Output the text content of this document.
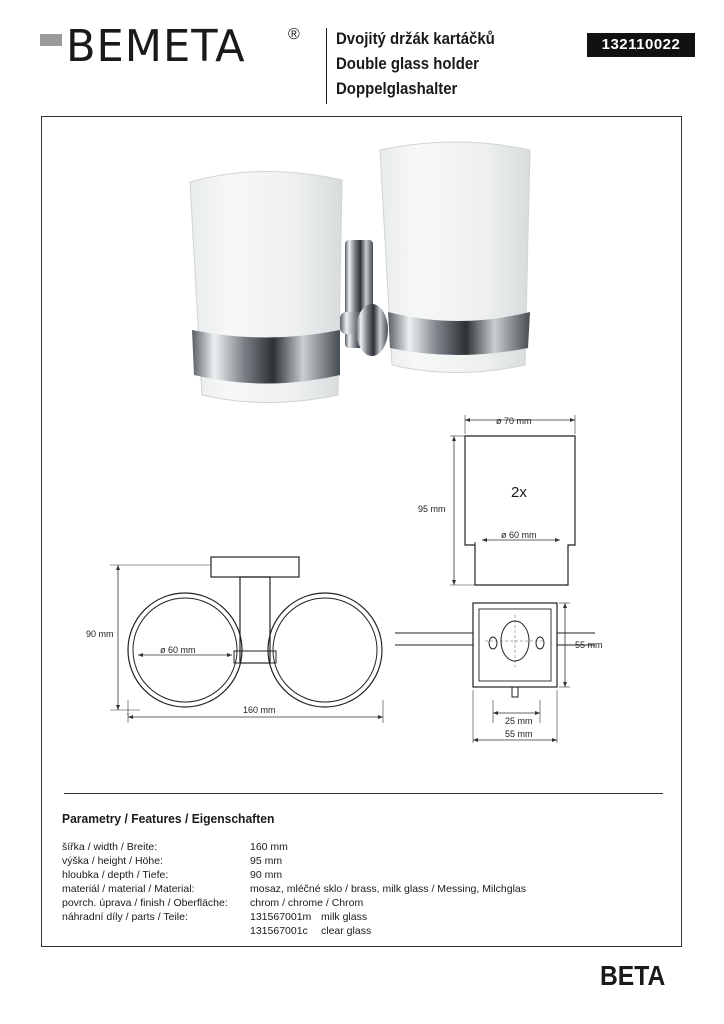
BEMETA	® Dvojitý držák kartáčků
Double glass holder
Doppelglashalter
132110022
ø 70 mm
95 mm
2x
ø 60 mm
90 mm
ø 60 mm
160 mm
55 mm
25 mm
55 mm
Parametry / Features / Eigenschaften
šířka / width / Breite:	160 mm
výška / height / Höhe:	95 mm
hloubka / depth / Tiefe:	90 mm
materiál / material / Material:	mosaz, mléčné sklo / brass, milk glass / Messing, Milchglas
povrch. úprava / finish / Oberfläche: chrom / chrome / Chrom
náhradní díly / parts / Teile:	131567001m milk glass
131567001c clear glass
BETA
